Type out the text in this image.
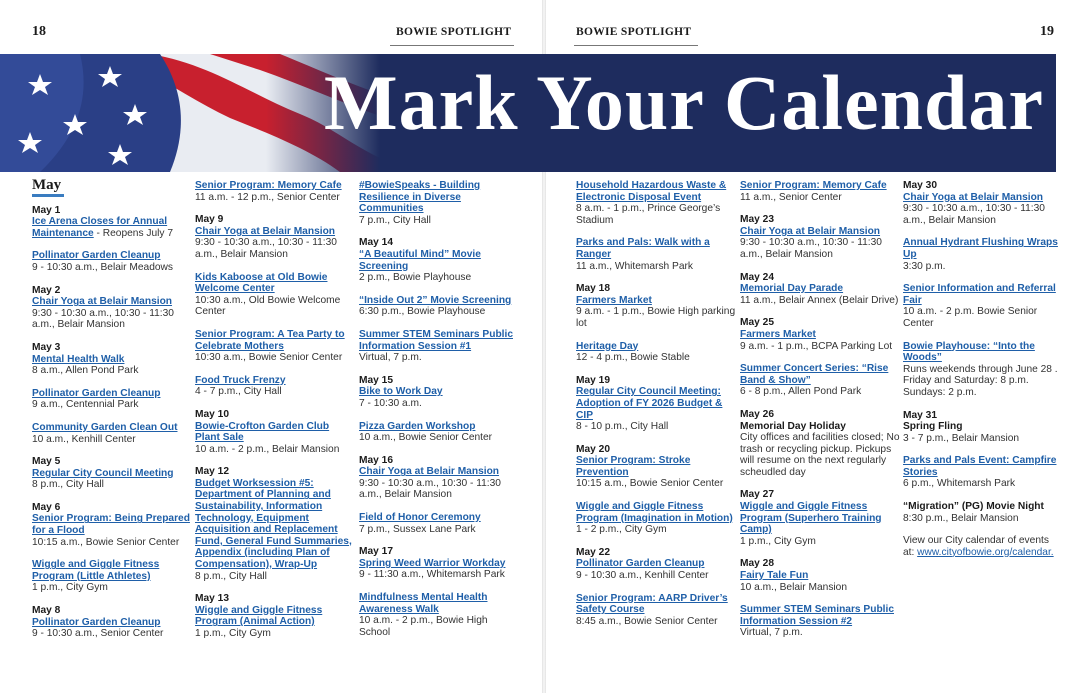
18	BOWIE SPOTLIGHT	BOWIE SPOTLIGHT	19
Mark Your Calendar
May
May 1
Ice Arena Closes for Annual Maintenance - Reopens July 7
Pollinator Garden Cleanup
9 - 10:30 a.m., Belair Meadows
May 2
Chair Yoga at Belair Mansion
9:30 - 10:30 a.m., 10:30 - 11:30 a.m., Belair Mansion
May 3
Mental Health Walk
8 a.m., Allen Pond Park
Pollinator Garden Cleanup
9 a.m., Centennial Park
Community Garden Clean Out
10 a.m., Kenhill Center
May 5
Regular City Council Meeting
8 p.m., City Hall
May 6
Senior Program: Being Prepared for a Flood
10:15 a.m., Bowie Senior Center
Wiggle and Giggle Fitness Program (Little Athletes)
1 p.m., City Gym
May 8
Pollinator Garden Cleanup
9 - 10:30 a.m., Senior Center
Senior Program: Memory Cafe
11 a.m. - 12 p.m., Senior Center
May 9
Chair Yoga at Belair Mansion
9:30 - 10:30 a.m., 10:30 - 11:30 a.m., Belair Mansion
Kids Kaboose at Old Bowie Welcome Center
10:30 a.m., Old Bowie Welcome Center
Senior Program: A Tea Party to Celebrate Mothers
10:30 a.m., Bowie Senior Center
Food Truck Frenzy
4 - 7 p.m., City Hall
May 10
Bowie-Crofton Garden Club Plant Sale
10 a.m. - 2 p.m., Belair Mansion
May 12
Budget Worksession #5: Department of Planning and Sustainability, Information Technology, Equipment Acquisition and Replacement Fund, General Fund Summaries, Appendix (including Plan of Compensation), Wrap-Up
8 p.m., City Hall
May 13
Wiggle and Giggle Fitness Program (Animal Action)
1 p.m., City Gym
#BowieSpeaks - Building Resilience in Diverse Communities
7 p.m., City Hall
May 14
“A Beautiful Mind” Movie Screening
2 p.m., Bowie Playhouse
“Inside Out 2” Movie Screening
6:30 p.m., Bowie Playhouse
Summer STEM Seminars Public Information Session #1
Virtual, 7 p.m.
May 15
Bike to Work Day
7 - 10:30 a.m.
Pizza Garden Workshop
10 a.m., Bowie Senior Center
May 16
Chair Yoga at Belair Mansion
9:30 - 10:30 a.m., 10:30 - 11:30 a.m., Belair Mansion
Field of Honor Ceremony
7 p.m., Sussex Lane Park
May 17
Spring Weed Warrior Workday
9 - 11:30 a.m., Whitemarsh Park
Mindfulness Mental Health Awareness Walk
10 a.m. - 2 p.m., Bowie High School
Household Hazardous Waste & Electronic Disposal Event
8 a.m. - 1 p.m., Prince George’s Stadium
Parks and Pals: Walk with a Ranger
11 a.m., Whitemarsh Park
May 18
Farmers Market
9 a.m. - 1 p.m., Bowie High parking lot
Heritage Day
12 - 4 p.m., Bowie Stable
May 19
Regular City Council Meeting: Adoption of FY 2026 Budget & CIP
8 - 10 p.m., City Hall
May 20
Senior Program: Stroke Prevention
10:15 a.m., Bowie Senior Center
Wiggle and Giggle Fitness Program (Imagination in Motion)
1 - 2 p.m., City Gym
May 22
Pollinator Garden Cleanup
9 - 10:30 a.m., Kenhill Center
Senior Program: AARP Driver’s Safety Course
8:45 a.m., Bowie Senior Center
Senior Program: Memory Cafe
11 a.m., Senior Center
May 23
Chair Yoga at Belair Mansion
9:30 - 10:30 a.m., 10:30 - 11:30 a.m., Belair Mansion
May 24
Memorial Day Parade
11 a.m., Belair Annex (Belair Drive)
May 25
Farmers Market
9 a.m. - 1 p.m., BCPA Parking Lot
Summer Concert Series: “Rise Band & Show”
6 - 8 p.m., Allen Pond Park
May 26
Memorial Day Holiday
City offices and facilities closed; No trash or recycling pickup. Pickups will resume on the next regularly scheudled day
May 27
Wiggle and Giggle Fitness Program (Superhero Training Camp)
1 p.m., City Gym
May 28
Fairy Tale Fun
10 a.m., Belair Mansion
Summer STEM Seminars Public Information Session #2
Virtual, 7 p.m.
May 30
Chair Yoga at Belair Mansion
9:30 - 10:30 a.m., 10:30 - 11:30 a.m., Belair Mansion
Annual Hydrant Flushing Wraps Up
3:30 p.m.
Senior Information and Referral Fair
10 a.m. - 2 p.m. Bowie Senior Center
Bowie Playhouse: “Into the Woods”
Runs weekends through June 28 . Friday and Saturday: 8 p.m. Sundays: 2 p.m.
May 31
Spring Fling
3 - 7 p.m., Belair Mansion
Parks and Pals Event: Campfire Stories
6 p.m., Whitemarsh Park
“Migration” (PG) Movie Night
8:30 p.m., Belair Mansion
View our City calendar of events at: www.cityofbowie.org/calendar.
